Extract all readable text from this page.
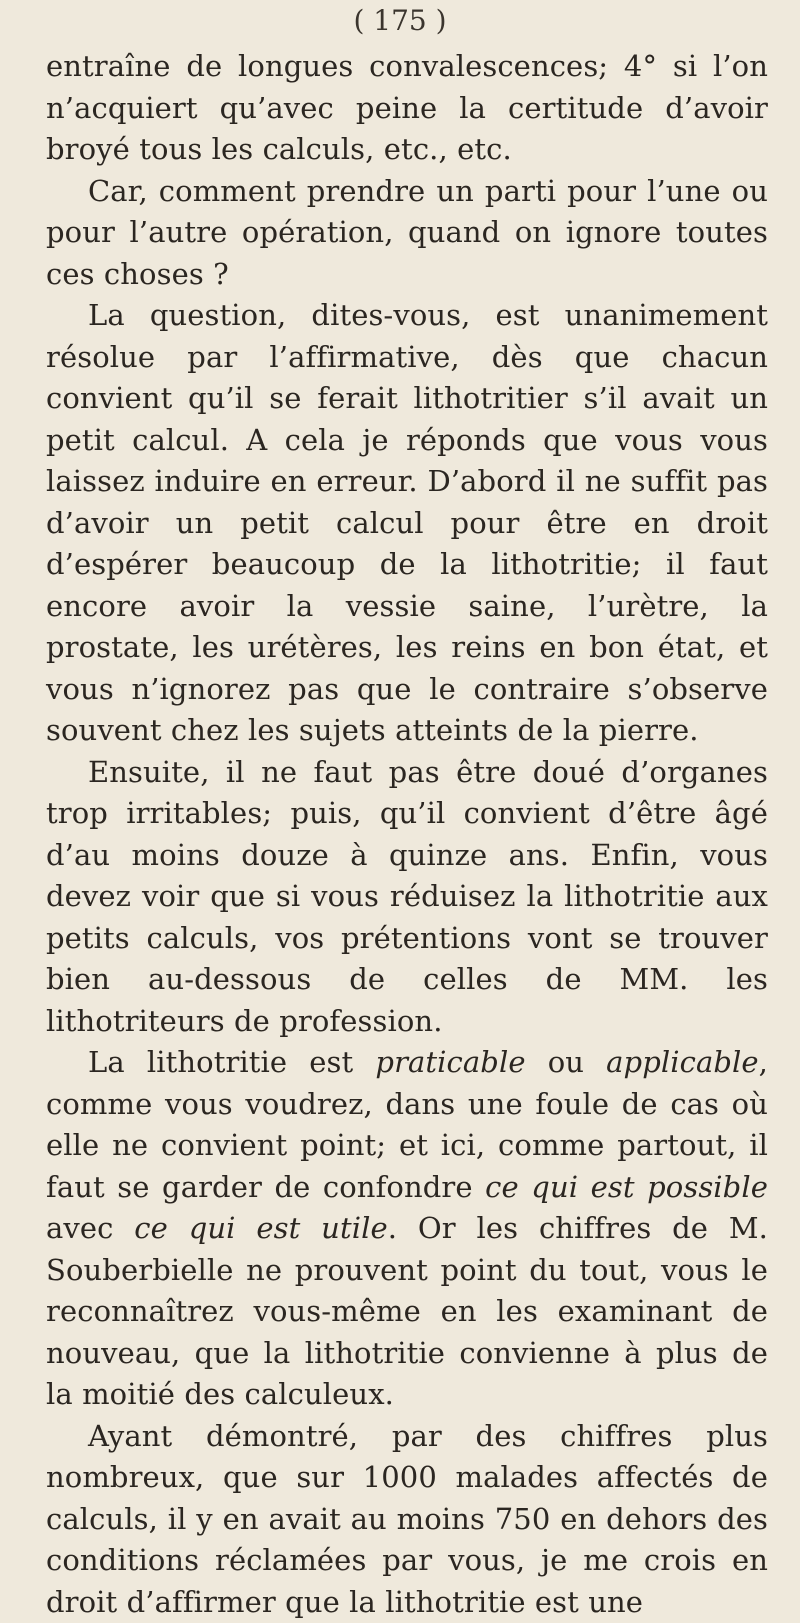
( 175 )

entraîne de longues convalescences; 4° si l’on n’acquiert qu’avec peine la certitude d’avoir broyé tous les calculs, etc., etc.

Car, comment prendre un parti pour l’une ou pour l’autre opération, quand on ignore toutes ces choses ?

La question, dites-vous, est unanimement résolue par l’affirmative, dès que chacun convient qu’il se ferait lithotritier s’il avait un petit calcul. A cela je réponds que vous vous laissez induire en erreur. D’abord il ne suffit pas d’avoir un petit calcul pour être en droit d’espérer beaucoup de la lithotritie; il faut encore avoir la vessie saine, l’urètre, la prostate, les urétères, les reins en bon état, et vous n’ignorez pas que le contraire s’observe souvent chez les sujets atteints de la pierre.

Ensuite, il ne faut pas être doué d’organes trop irritables; puis, qu’il convient d’être âgé d’au moins douze à quinze ans. Enfin, vous devez voir que si vous réduisez la lithotritie aux petits calculs, vos prétentions vont se trouver bien au-dessous de celles de MM. les lithotriteurs de profession.

La lithotritie est praticable ou applicable, comme vous voudrez, dans une foule de cas où elle ne convient point; et ici, comme partout, il faut se garder de confondre ce qui est possible avec ce qui est utile. Or les chiffres de M. Souberbielle ne prouvent point du tout, vous le reconnaîtrez vous-même en les examinant de nouveau, que la lithotritie convienne à plus de la moitié des calculeux.

Ayant démontré, par des chiffres plus nombreux, que sur 1000 malades affectés de calculs, il y en avait au moins 750 en dehors des conditions réclamées par vous, je me crois en droit d’affirmer que la lithotritie est une
